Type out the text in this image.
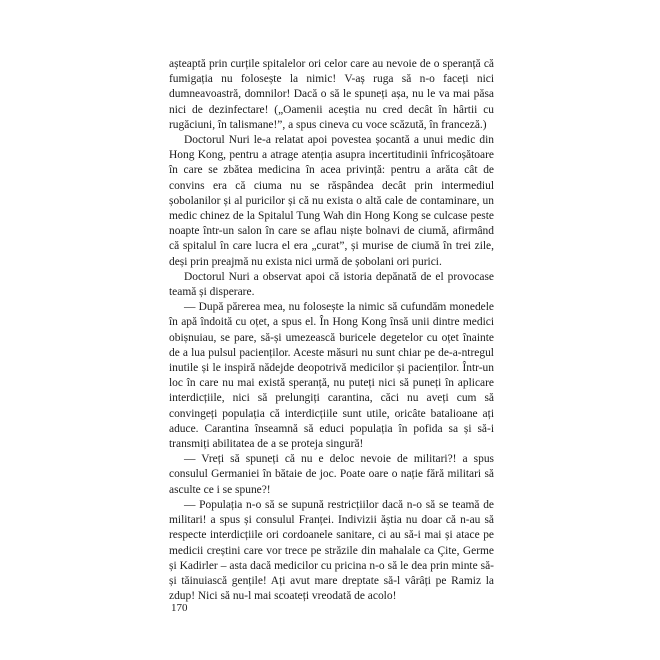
așteaptă prin curțile spitalelor ori celor care au nevoie de o speranță că fumigația nu folosește la nimic! V-aș ruga să n-o faceți nici dumneavoastră, domnilor! Dacă o să le spuneți așa, nu le va mai păsa nici de dezinfectare! („Oamenii aceștia nu cred decât în hârtii cu rugăciuni, în talismane!”, a spus cineva cu voce scăzută, în franceză.)

Doctorul Nuri le-a relatat apoi povestea șocantă a unui medic din Hong Kong, pentru a atrage atenția asupra incertitudinii înfricoșătoare în care se zbătea medicina în acea privință: pentru a arăta cât de convins era că ciuma nu se răspândea decât prin intermediul șobolanilor și al puricilor și că nu exista o altă cale de contaminare, un medic chinez de la Spitalul Tung Wah din Hong Kong se culcase peste noapte într-un salon în care se aflau niște bolnavi de ciumă, afirmând că spitalul în care lucra el era „curat”, și murise de ciumă în trei zile, deși prin preajmă nu exista nici urmă de șobolani ori purici.

Doctorul Nuri a observat apoi că istoria depănată de el provocase teamă și disperare.

— După părerea mea, nu folosește la nimic să cufundăm monedele în apă îndoită cu oțet, a spus el. În Hong Kong însă unii dintre medici obișnuiau, se pare, să-și umezească buricele degetelor cu oțet înainte de a lua pulsul pacienților. Aceste măsuri nu sunt chiar pe de-a-ntregul inutile și le inspiră nădejde deopotrivă medicilor și pacienților. Într-un loc în care nu mai există speranță, nu puteți nici să puneți în aplicare interdicțiile, nici să prelungiți carantina, căci nu aveți cum să convingeți populația că interdicțiile sunt utile, oricâte batalioane ați aduce. Carantina înseamnă să educi populația în pofida sa și să-i transmiți abilitatea de a se proteja singură!

— Vreți să spuneți că nu e deloc nevoie de militari?! a spus consulul Germaniei în bătaie de joc. Poate oare o nație fără militari să asculte ce i se spune?!

— Populația n-o să se supună restricțiilor dacă n-o să se teamă de militari! a spus și consulul Franței. Indivizii ăștia nu doar că n-au să respecte interdicțiile ori cordoanele sanitare, ci au să-i mai și atace pe medicii creștini care vor trece pe străzile din mahalale ca Çite, Germe și Kadirler – asta dacă medicilor cu pricina n-o să le dea prin minte să-și tăinuiască gențile! Ați avut mare dreptate să-l vârâți pe Ramiz la zdup! Nici să nu-l mai scoateți vreodată de acolo!

170
